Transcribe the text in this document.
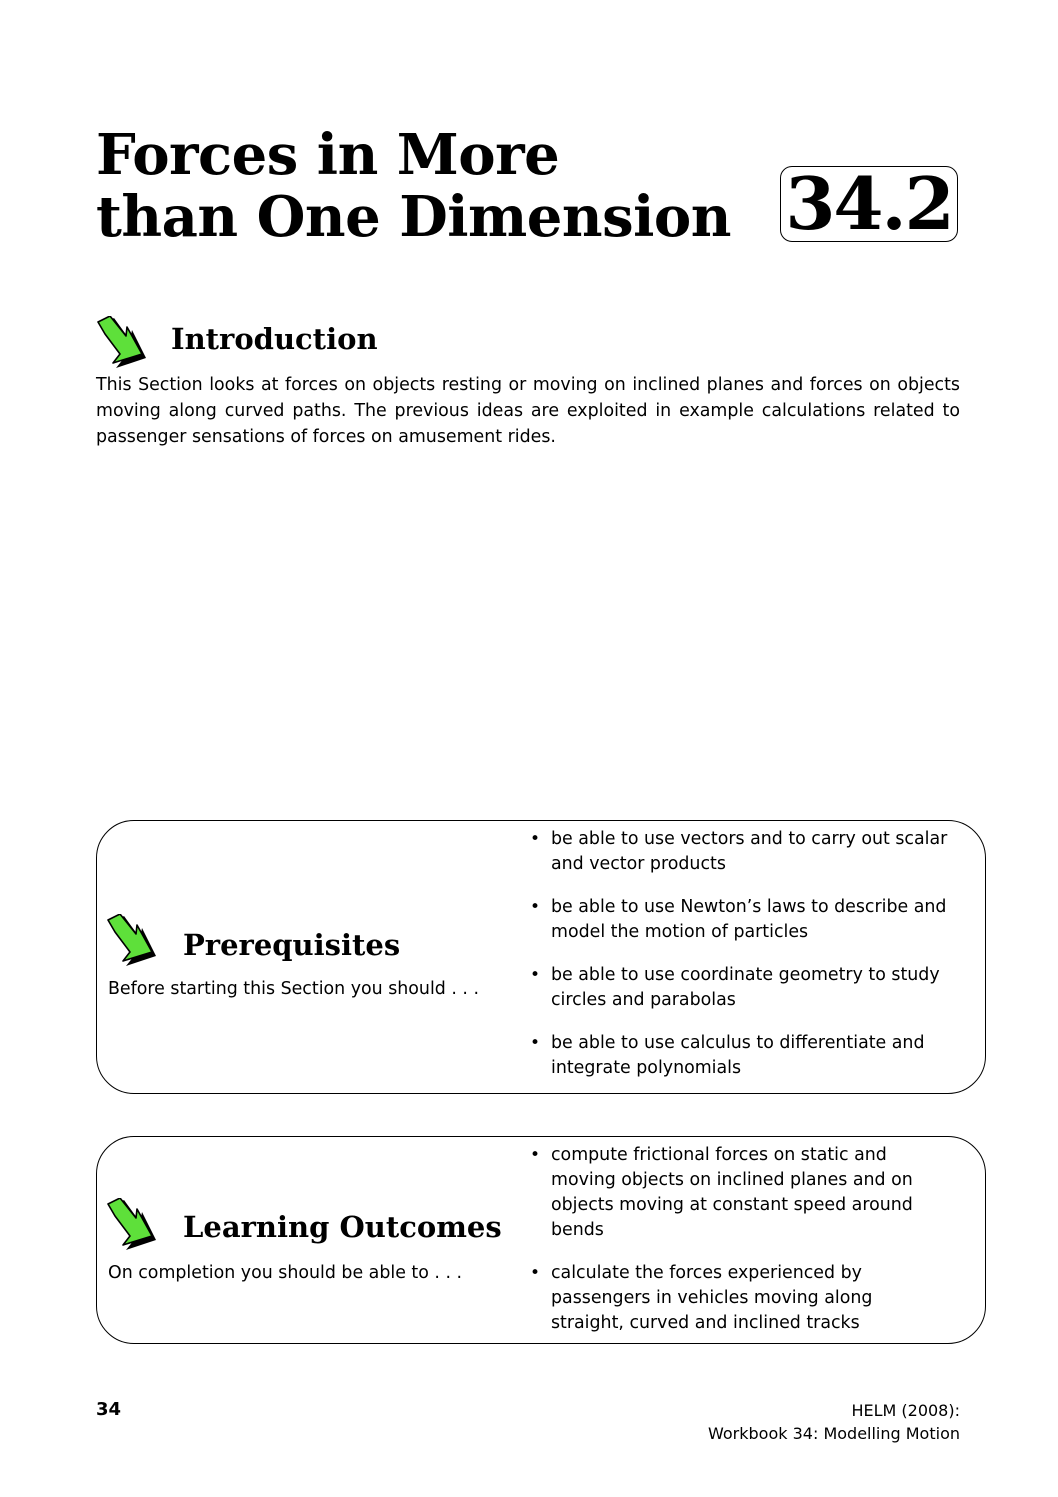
Forces in More
than One Dimension 34.2
Introduction

This Section looks at forces on objects resting or moving on inclined planes and forces on objects moving along curved paths. The previous ideas are exploited in example calculations related to passenger sensations of forces on amusement rides.

Prerequisites

Before starting this Section you should . . .

• be able to use vectors and to carry out scalar and vector products
• be able to use Newton’s laws to describe and model the motion of particles
• be able to use coordinate geometry to study circles and parabolas
• be able to use calculus to differentiate and integrate polynomials
Learning Outcomes

On completion you should be able to . . .

• compute frictional forces on static and moving objects on inclined planes and on objects moving at constant speed around bends
• calculate the forces experienced by passengers in vehicles moving along straight, curved and inclined tracks
34	HELM (2008):
Workbook 34: Modelling Motion
